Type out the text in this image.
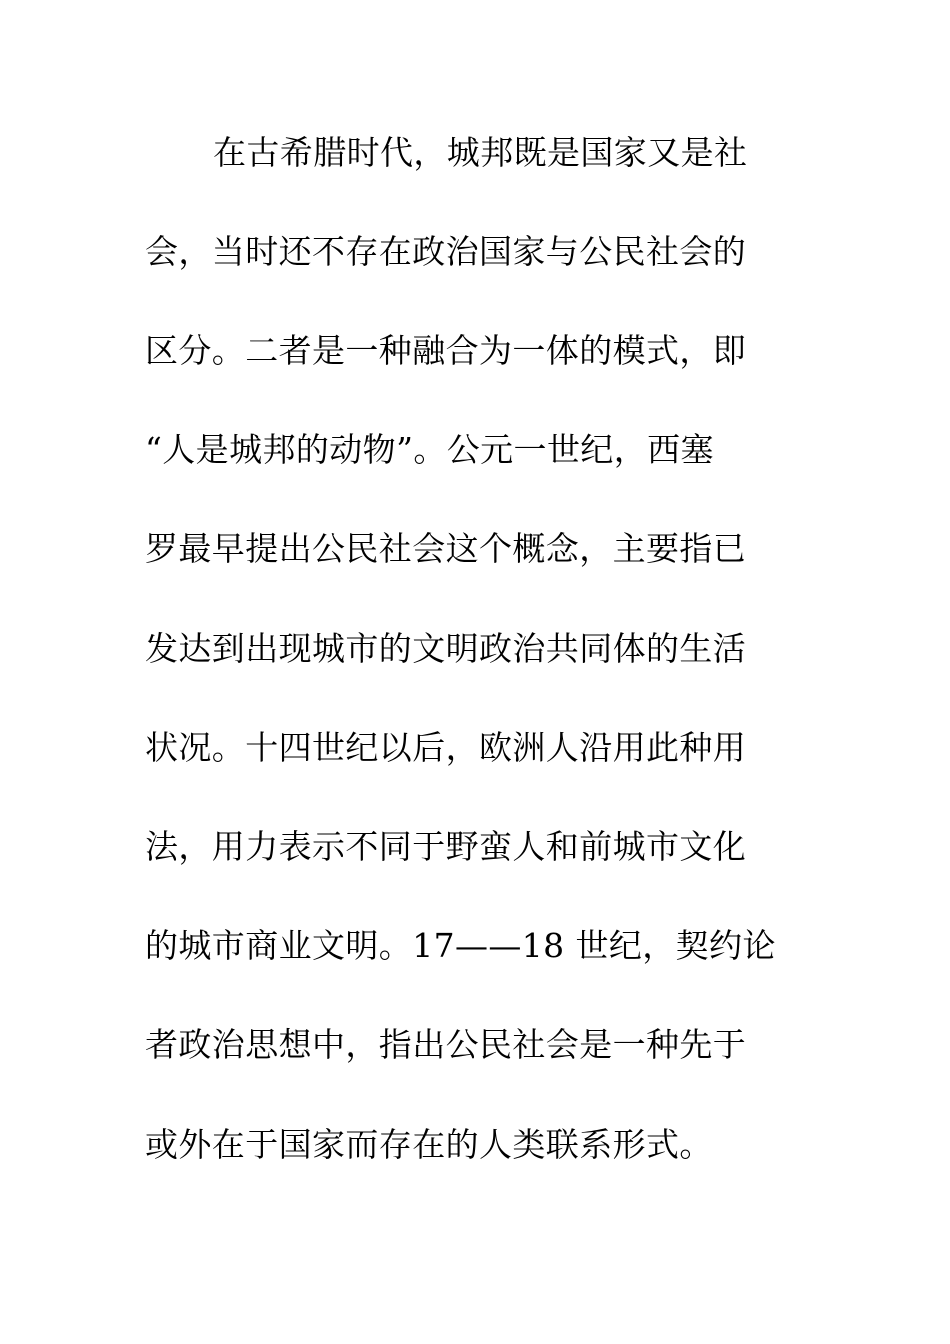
在古希腊时代，城邦既是国家又是社
会，当时还不存在政治国家与公民社会的
区分。二者是一种融合为一体的模式，即
“人是城邦的动物”。公元一世纪，西塞
罗最早提出公民社会这个概念，主要指已
发达到出现城市的文明政治共同体的生活
状况。十四世纪以后，欧洲人沿用此种用
法，用力表示不同于野蛮人和前城市文化
的城市商业文明。17——18 世纪，契约论
者政治思想中，指出公民社会是一种先于
或外在于国家而存在的人类联系形式。
